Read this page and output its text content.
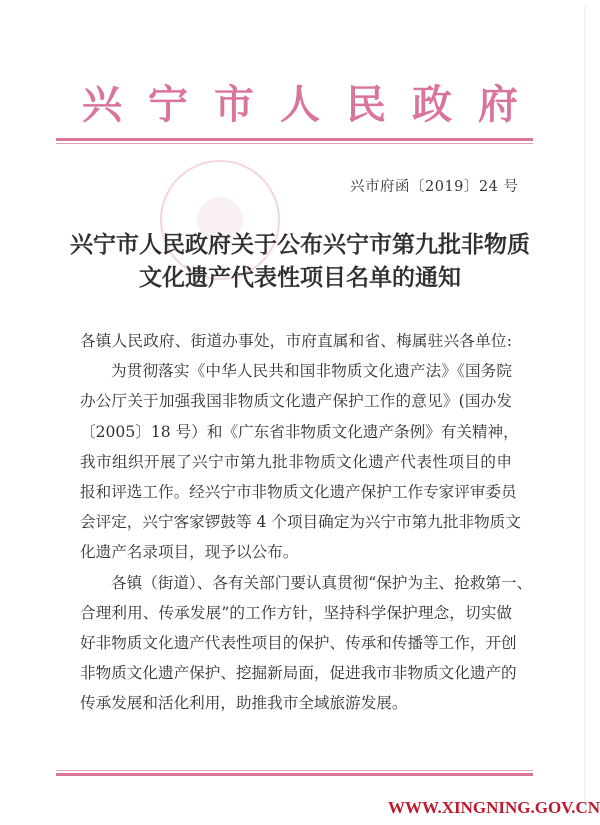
兴 宁 市 人 民 政 府
兴市府函〔2019〕24 号
兴宁市人民政府关于公布兴宁市第九批非物质
文化遗产代表性项目名单的通知
各镇人民政府、街道办事处，市府直属和省、梅属驻兴各单位:
为贯彻落实《中华人民共和国非物质文化遗产法》《国务院
办公厅关于加强我国非物质文化遗产保护工作的意见》(国办发
〔2005〕18 号）和《广东省非物质文化遗产条例》有关精神，
我市组织开展了兴宁市第九批非物质文化遗产代表性项目的申
报和评选工作。经兴宁市非物质文化遗产保护工作专家评审委员
会评定，兴宁客家锣鼓等 4 个项目确定为兴宁市第九批非物质文
化遗产名录项目，现予以公布。
各镇（街道）、各有关部门要认真贯彻“保护为主、抢救第一、
合理利用、传承发展”的工作方针，坚持科学保护理念，切实做
好非物质文化遗产代表性项目的保护、传承和传播等工作，开创
非物质文化遗产保护、挖掘新局面，促进我市非物质文化遗产的
传承发展和活化利用，助推我市全域旅游发展。
WWW.XINGNING.GOV.CN
